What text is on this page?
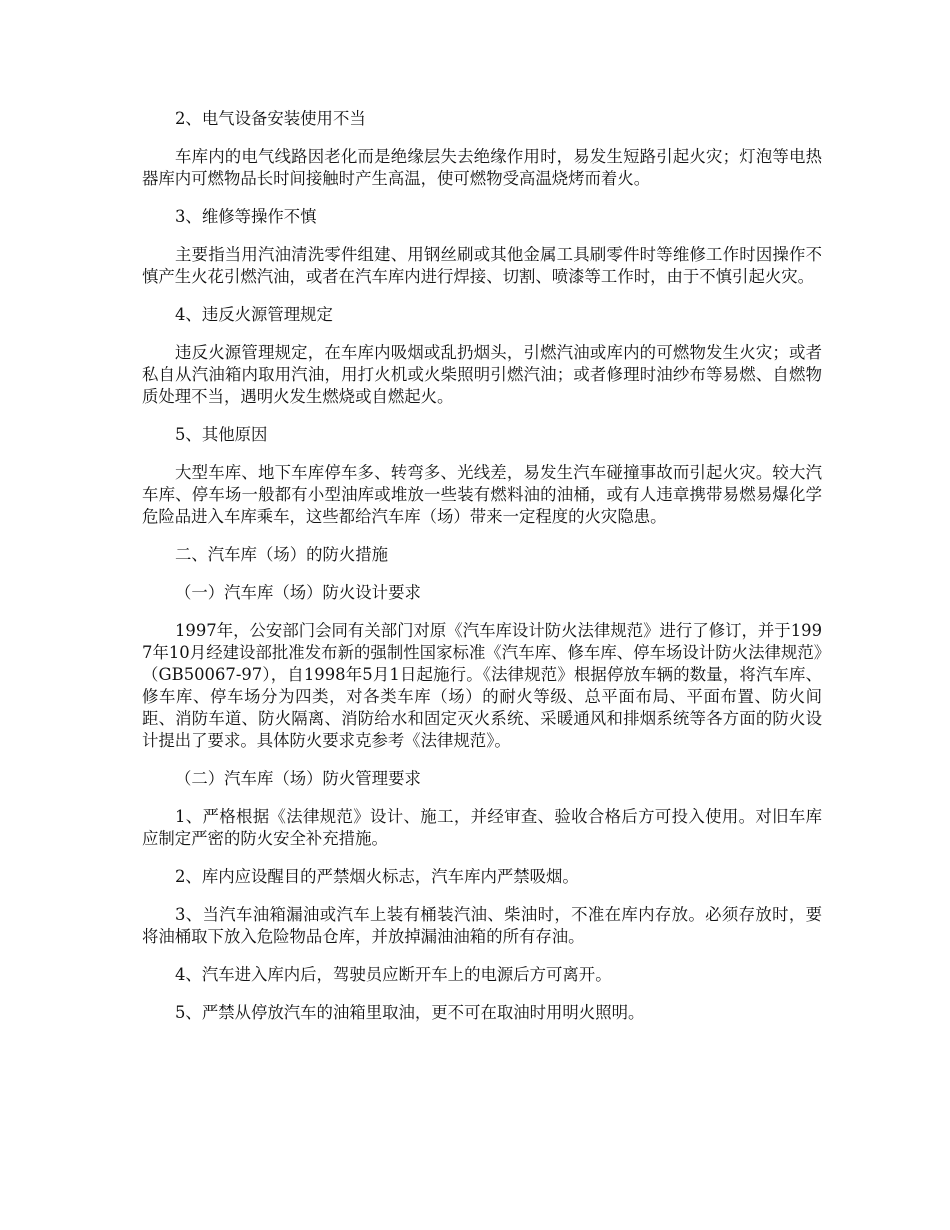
2、电气设备安装使用不当

车库内的电气线路因老化而是绝缘层失去绝缘作用时，易发生短路引起火灾；灯泡等电热器库内可燃物品长时间接触时产生高温，使可燃物受高温烧烤而着火。

3、维修等操作不慎

主要指当用汽油清洗零件组建、用钢丝刷或其他金属工具刷零件时等维修工作时因操作不慎产生火花引燃汽油，或者在汽车库内进行焊接、切割、喷漆等工作时，由于不慎引起火灾。

4、违反火源管理规定

违反火源管理规定，在车库内吸烟或乱扔烟头，引燃汽油或库内的可燃物发生火灾；或者私自从汽油箱内取用汽油，用打火机或火柴照明引燃汽油；或者修理时油纱布等易燃、自燃物质处理不当，遇明火发生燃烧或自燃起火。

5、其他原因

大型车库、地下车库停车多、转弯多、光线差，易发生汽车碰撞事故而引起火灾。较大汽车库、停车场一般都有小型油库或堆放一些装有燃料油的油桶，或有人违章携带易燃易爆化学危险品进入车库乘车，这些都给汽车库（场）带来一定程度的火灾隐患。

二、汽车库（场）的防火措施

（一）汽车库（场）防火设计要求

1997年，公安部门会同有关部门对原《汽车库设计防火法律规范》进行了修订，并于1997年10月经建设部批准发布新的强制性国家标准《汽车库、修车库、停车场设计防火法律规范》（GB50067-97），自1998年5月1日起施行。《法律规范》根据停放车辆的数量，将汽车库、修车库、停车场分为四类，对各类车库（场）的耐火等级、总平面布局、平面布置、防火间距、消防车道、防火隔离、消防给水和固定灭火系统、采暖通风和排烟系统等各方面的防火设计提出了要求。具体防火要求克参考《法律规范》。

（二）汽车库（场）防火管理要求

1、严格根据《法律规范》设计、施工，并经审查、验收合格后方可投入使用。对旧车库应制定严密的防火安全补充措施。

2、库内应设醒目的严禁烟火标志，汽车库内严禁吸烟。

3、当汽车油箱漏油或汽车上装有桶装汽油、柴油时，不准在库内存放。必须存放时，要将油桶取下放入危险物品仓库，并放掉漏油油箱的所有存油。

4、汽车进入库内后，驾驶员应断开车上的电源后方可离开。

5、严禁从停放汽车的油箱里取油，更不可在取油时用明火照明。
